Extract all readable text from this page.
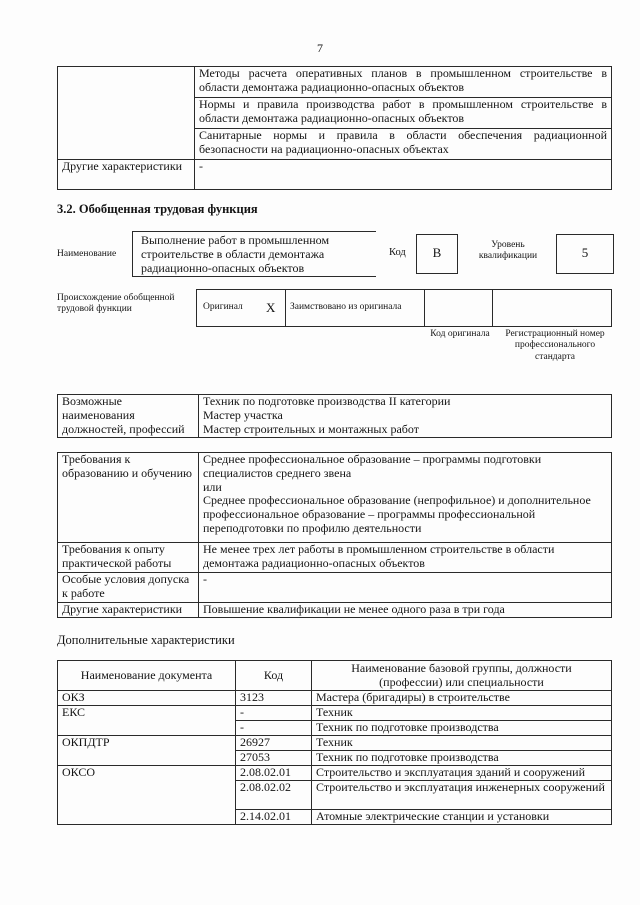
7
	Методы расчета оперативных планов в промышленном строительстве в области демонтажа радиационно-опасных объектов
	Нормы и правила производства работ в промышленном строительстве в области демонтажа радиационно-опасных объектов
	Санитарные нормы и правила в области обеспечения радиационной безопасности на радиационно-опасных объектах
Другие характеристики	-
3.2. Обобщенная трудовая функция
Наименование
Выполнение работ в промышленном строительстве в области демонтажа радиационно-опасных объектов
Код	В	Уровень квалификации	5
Происхождение обобщенной трудовой функции	Оригинал	X	Заимствовано из оригинала		
Код оригинала	Регистрационный номер профессионального стандарта
Возможные наименования должностей, профессий	Техник по подготовке производства II категории
Мастер участка
Мастер строительных и монтажных работ
Требования к образованию и обучению	Среднее профессиональное образование – программы подготовки специалистов среднего звена
или
Среднее профессиональное образование (непрофильное) и дополнительное профессиональное образование – программы профессиональной переподготовки по профилю деятельности

Требования к опыту практической работы	Не менее трех лет работы в промышленном строительстве в области демонтажа радиационно-опасных объектов
Особые условия допуска к работе	-
Другие характеристики	Повышение квалификации не менее одного раза в три года
Дополнительные характеристики
Наименование документа	Код	Наименование базовой группы, должности (профессии) или специальности
ОКЗ	3123	Мастера (бригадиры) в строительстве
ЕКС	-	Техник
	-	Техник по подготовке производства
ОКПДТР	26927	Техник
	27053	Техник по подготовке производства
ОКСО	2.08.02.01	Строительство и эксплуатация зданий и сооружений
	2.08.02.02	Строительство и эксплуатация инженерных сооружений
	2.14.02.01	Атомные электрические станции и установки
